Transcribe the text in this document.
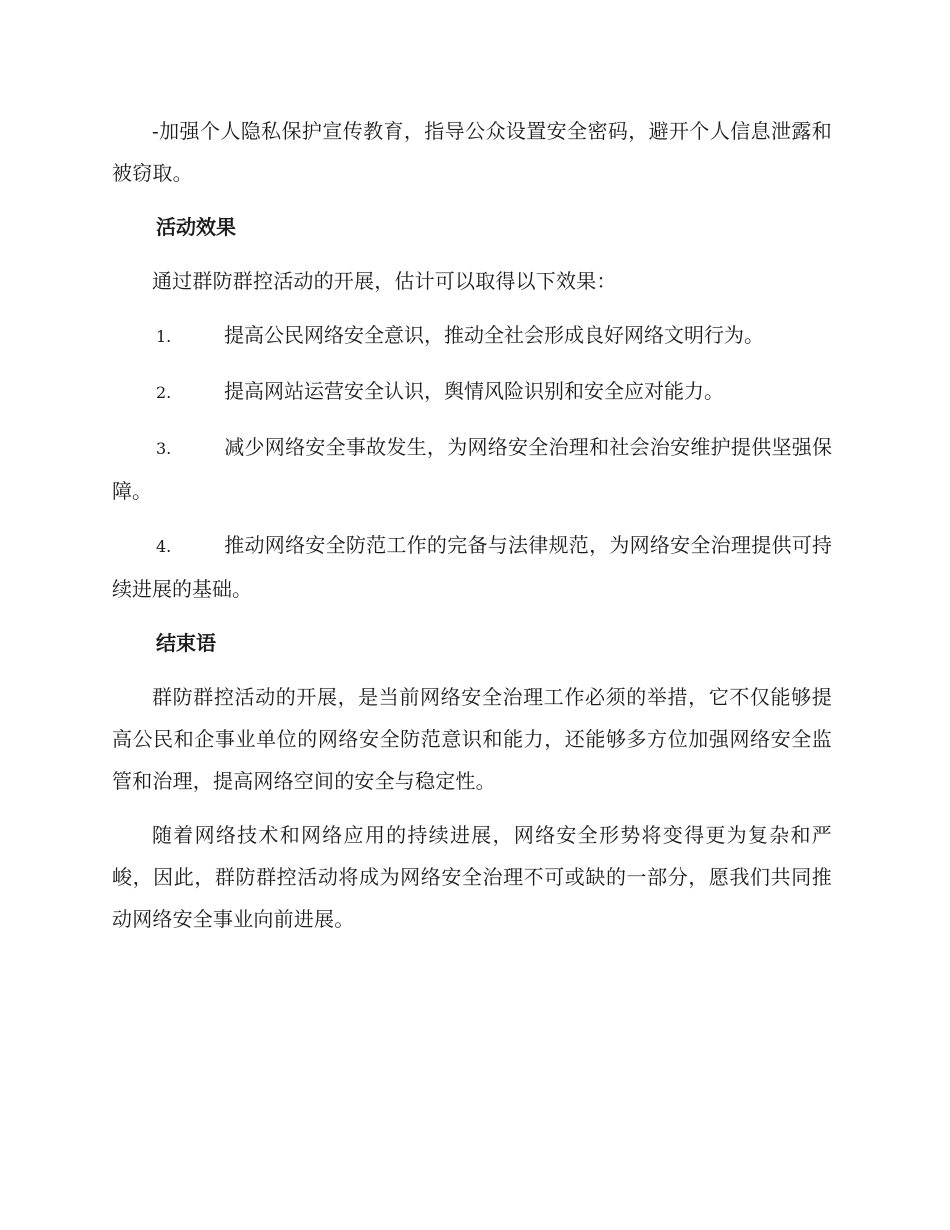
-加强个人隐私保护宣传教育，指导公众设置安全密码，避开个人信息泄露和被窃取。

活动效果

通过群防群控活动的开展，估计可以取得以下效果：

1.	提高公民网络安全意识，推动全社会形成良好网络文明行为。
2.	提高网站运营安全认识，舆情风险识别和安全应对能力。
3.	减少网络安全事故发生，为网络安全治理和社会治安维护提供坚强保障。
4.	推动网络安全防范工作的完备与法律规范，为网络安全治理提供可持续进展的基础。
结束语

群防群控活动的开展，是当前网络安全治理工作必须的举措，它不仅能够提高公民和企事业单位的网络安全防范意识和能力，还能够多方位加强网络安全监管和治理，提高网络空间的安全与稳定性。

随着网络技术和网络应用的持续进展，网络安全形势将变得更为复杂和严峻，因此，群防群控活动将成为网络安全治理不可或缺的一部分，愿我们共同推动网络安全事业向前进展。
